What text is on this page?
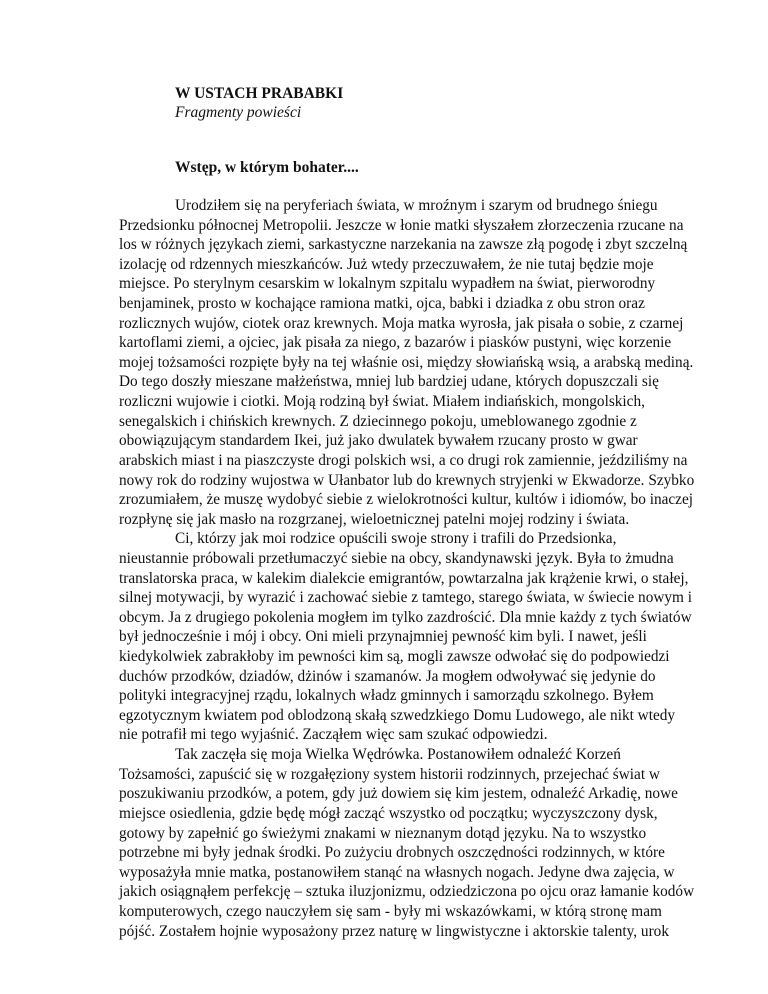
W USTACH PRABABKI

Fragmenty powieści

Wstęp, w którym bohater....

Urodziłem się na peryferiach świata, w mroźnym i szarym od brudnego śniegu
Przedsionku północnej Metropolii. Jeszcze w łonie matki słyszałem złorzeczenia rzucane na
los w różnych językach ziemi, sarkastyczne narzekania na zawsze złą pogodę i zbyt szczelną
izolację od rdzennych mieszkańców. Już wtedy przeczuwałem, że nie tutaj będzie moje
miejsce. Po sterylnym cesarskim w lokalnym szpitalu wypadłem na świat, pierworodny
benjaminek, prosto w kochające ramiona matki, ojca, babki i dziadka z obu stron oraz
rozlicznych wujów, ciotek oraz krewnych. Moja matka wyrosła, jak pisała o sobie, z czarnej
kartoflami ziemi, a ojciec, jak pisała za niego, z bazarów i piasków pustyni, więc korzenie
mojej tożsamości rozpięte były na tej właśnie osi, między słowiańską wsią, a arabską mediną.
Do tego doszły mieszane małżeństwa, mniej lub bardziej udane, których dopuszczali się
rozliczni wujowie i ciotki. Moją rodziną był świat. Miałem indiańskich, mongolskich,
senegalskich i chińskich krewnych. Z dziecinnego pokoju, umeblowanego zgodnie z
obowiązującym standardem Ikei, już jako dwulatek bywałem rzucany prosto w gwar
arabskich miast i na piaszczyste drogi polskich wsi, a co drugi rok zamiennie, jeździliśmy na
nowy rok do rodziny wujostwa w Ułanbator lub do krewnych stryjenki w Ekwadorze. Szybko
zrozumiałem, że muszę wydobyć siebie z wielokrotności kultur, kultów i idiomów, bo inaczej
rozpłynę się jak masło na rozgrzanej, wieloetnicznej patelni mojej rodziny i świata.
Ci, którzy jak moi rodzice opuścili swoje strony i trafili do Przedsionka,
nieustannie próbowali przetłumaczyć siebie na obcy, skandynawski język. Była to żmudna
translatorska praca, w kalekim dialekcie emigrantów, powtarzalna jak krążenie krwi, o stałej,
silnej motywacji, by wyrazić i zachować siebie z tamtego, starego świata, w świecie nowym i
obcym. Ja z drugiego pokolenia mogłem im tylko zazdrościć. Dla mnie każdy z tych światów
był jednocześnie i mój i obcy. Oni mieli przynajmniej pewność kim byli. I nawet, jeśli
kiedykolwiek zabrakłoby im pewności kim są, mogli zawsze odwołać się do podpowiedzi
duchów przodków, dziadów, dżinów i szamanów. Ja mogłem odwoływać się jedynie do
polityki integracyjnej rządu, lokalnych władz gminnych i samorządu szkolnego. Byłem
egzotycznym kwiatem pod oblodzoną skałą szwedzkiego Domu Ludowego, ale nikt wtedy
nie potrafił mi tego wyjaśnić. Zacząłem więc sam szukać odpowiedzi.
Tak zaczęła się moja Wielka Wędrówka. Postanowiłem odnaleźć Korzeń
Tożsamości, zapuścić się w rozgałęziony system historii rodzinnych, przejechać świat w
poszukiwaniu przodków, a potem, gdy już dowiem się kim jestem, odnaleźć Arkadię, nowe
miejsce osiedlenia, gdzie będę mógł zacząć wszystko od początku; wyczyszczony dysk,
gotowy by zapełnić go świeżymi znakami w nieznanym dotąd języku. Na to wszystko
potrzebne mi były jednak środki. Po zużyciu drobnych oszczędności rodzinnych, w które
wyposażyła mnie matka, postanowiłem stanąć na własnych nogach. Jedyne dwa zajęcia, w
jakich osiągnąłem perfekcję – sztuka iluzjonizmu, odziedziczona po ojcu oraz łamanie kodów
komputerowych, czego nauczyłem się sam - były mi wskazówkami, w którą stronę mam
pójść. Zostałem hojnie wyposażony przez naturę w lingwistyczne i aktorskie talenty, urok
